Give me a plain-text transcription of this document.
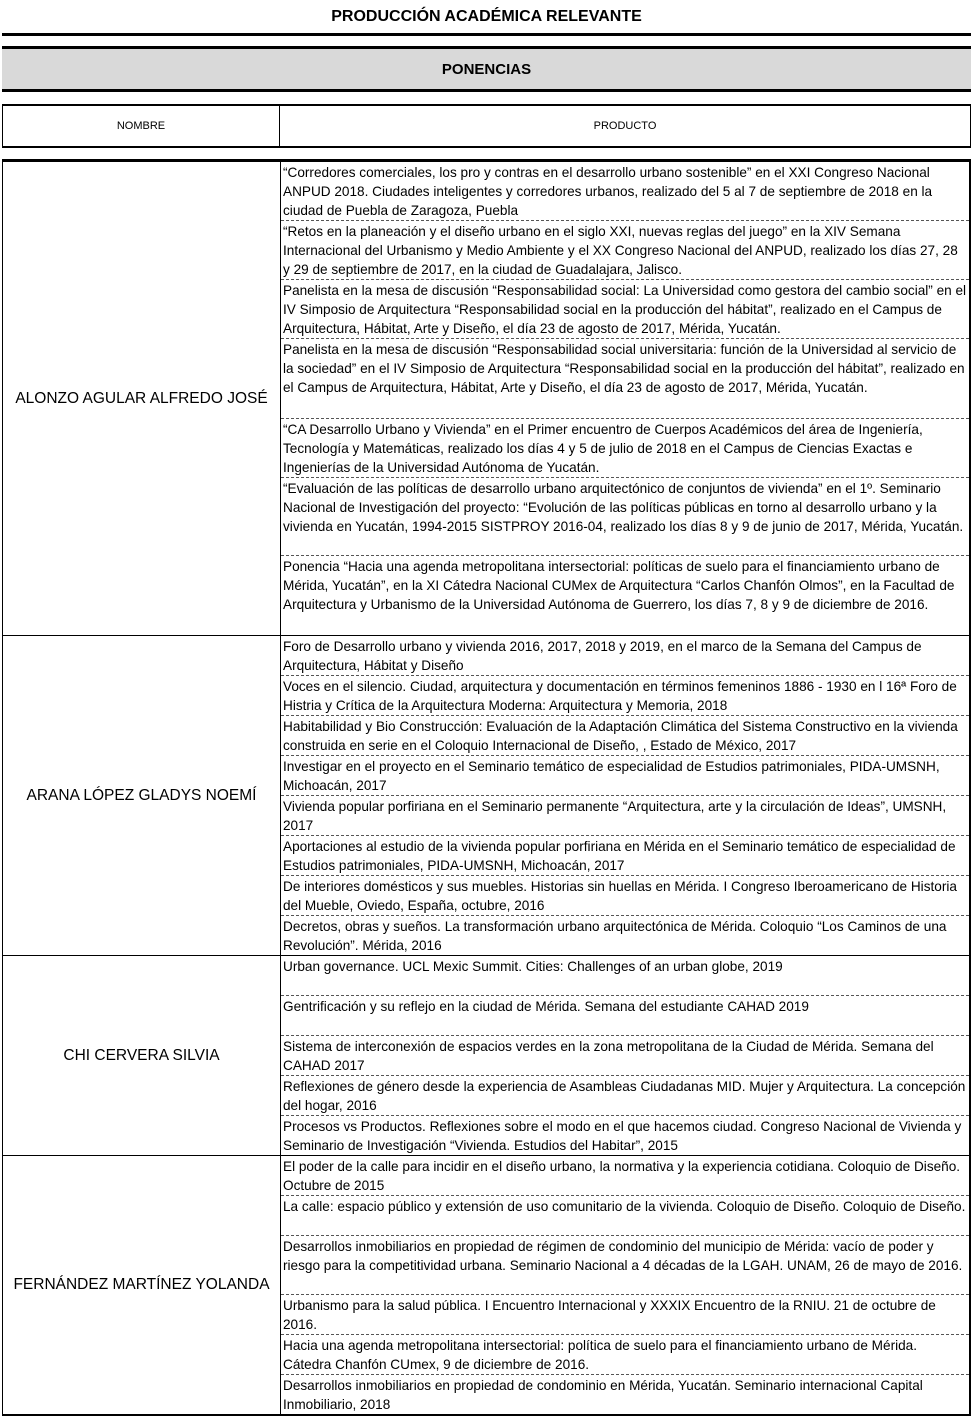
PRODUCCIÓN ACADÉMICA RELEVANTE
PONENCIAS
NOMBRE	PRODUCTO
ALONZO AGULAR ALFREDO JOSÉ	“Corredores comerciales, los pro y contras en el desarrollo urbano sostenible” en el XXI Congreso Nacional ANPUD 2018. Ciudades inteligentes y corredores urbanos, realizado del 5 al 7 de septiembre de 2018 en la ciudad de Puebla de Zaragoza, Puebla
	“Retos en la planeación y el diseño urbano en el siglo XXI, nuevas reglas del juego” en la XIV Semana Internacional del Urbanismo y Medio Ambiente y el XX Congreso Nacional del ANPUD, realizado los días 27, 28 y 29 de septiembre de 2017, en la ciudad de Guadalajara, Jalisco.
	Panelista en la mesa de discusión “Responsabilidad social: La Universidad como gestora del cambio social” en el IV Simposio de Arquitectura “Responsabilidad social en la producción del hábitat”, realizado en el Campus de Arquitectura, Hábitat, Arte y Diseño, el día 23 de agosto de 2017, Mérida, Yucatán.
	Panelista en la mesa de discusión “Responsabilidad social universitaria: función de la Universidad al servicio de la sociedad” en el IV Simposio de Arquitectura “Responsabilidad social en la producción del hábitat”, realizado en el Campus de Arquitectura, Hábitat, Arte y Diseño, el día 23 de agosto de 2017, Mérida, Yucatán.
	“CA Desarrollo Urbano y Vivienda” en el Primer encuentro de Cuerpos Académicos del área de Ingeniería, Tecnología y Matemáticas, realizado los días 4 y 5 de julio de 2018 en el Campus de Ciencias Exactas e Ingenierías de la Universidad Autónoma de Yucatán.
	“Evaluación de las políticas de desarrollo urbano arquitectónico de conjuntos de vivienda” en el 1º. Seminario Nacional de Investigación del proyecto: “Evolución de las políticas públicas en torno al desarrollo urbano y la vivienda en Yucatán, 1994-2015 SISTPROY 2016-04, realizado los días 8 y 9 de junio de 2017, Mérida, Yucatán.
	Ponencia “Hacia una agenda metropolitana intersectorial: políticas de suelo para el financiamiento urbano de Mérida, Yucatán”, en la XI Cátedra Nacional CUMex de Arquitectura “Carlos Chanfón Olmos”, en la Facultad de Arquitectura y Urbanismo de la Universidad Autónoma de Guerrero, los días 7, 8 y 9 de diciembre de 2016.
ARANA LÓPEZ GLADYS NOEMÍ	Foro de Desarrollo urbano y vivienda 2016, 2017, 2018 y 2019, en el marco de la Semana del Campus de Arquitectura, Hábitat y Diseño
	Voces en el silencio. Ciudad, arquitectura y documentación en términos femeninos 1886 - 1930 en l 16ª Foro de Histria y Crítica de la Arquitectura Moderna: Arquitectura y Memoria, 2018
	Habitabilidad y Bio Construcción: Evaluación de la Adaptación Climática del Sistema Constructivo en la vivienda construida en serie en el Coloquio Internacional de Diseño, , Estado de México, 2017
	Investigar en el proyecto en el Seminario temático de especialidad de Estudios patrimoniales, PIDA-UMSNH, Michoacán, 2017
	Vivienda popular porfiriana en el Seminario permanente “Arquitectura, arte y la circulación de Ideas”, UMSNH, 2017
	Aportaciones al estudio de la vivienda popular porfiriana en Mérida en el Seminario temático de especialidad de Estudios patrimoniales, PIDA-UMSNH, Michoacán, 2017
	De interiores domésticos y sus muebles. Historias sin huellas en Mérida. I Congreso Iberoamericano de Historia del Mueble, Oviedo, España, octubre, 2016
	Decretos, obras y sueños. La transformación urbano arquitectónica de Mérida. Coloquio “Los Caminos de una Revolución”. Mérida, 2016
CHI CERVERA SILVIA	Urban governance. UCL Mexic Summit. Cities: Challenges of an urban globe, 2019
	Gentrificación y su reflejo en la ciudad de Mérida. Semana del estudiante CAHAD 2019
	Sistema de interconexión de espacios verdes en la zona metropolitana de la Ciudad de Mérida. Semana del CAHAD 2017
	Reflexiones de género desde la experiencia de Asambleas Ciudadanas MID. Mujer y Arquitectura. La concepción del hogar, 2016
	Procesos vs Productos. Reflexiones sobre el modo en el que hacemos ciudad. Congreso Nacional de Vivienda y Seminario de Investigación “Vivienda. Estudios del Habitar”, 2015
FERNÁNDEZ MARTÍNEZ YOLANDA	El poder de la calle para incidir en el diseño urbano, la normativa y la experiencia cotidiana. Coloquio de Diseño. Octubre de 2015
	La calle: espacio público y extensión de uso comunitario de la vivienda. Coloquio de Diseño. Coloquio de Diseño.
	Desarrollos inmobiliarios en propiedad de régimen de condominio del municipio de Mérida: vacío de poder y riesgo para la competitividad urbana. Seminario Nacional a 4 décadas de la LGAH. UNAM, 26 de mayo de 2016.
	Urbanismo para la salud pública. I Encuentro Internacional y XXXIX Encuentro de la RNIU. 21 de octubre de 2016.
	Hacia una agenda metropolitana intersectorial: política de suelo para el financiamiento urbano de Mérida. Cátedra Chanfón CUmex, 9 de diciembre de 2016.
	Desarrollos inmobiliarios en propiedad de condominio en Mérida, Yucatán. Seminario internacional Capital Inmobiliario, 2018
